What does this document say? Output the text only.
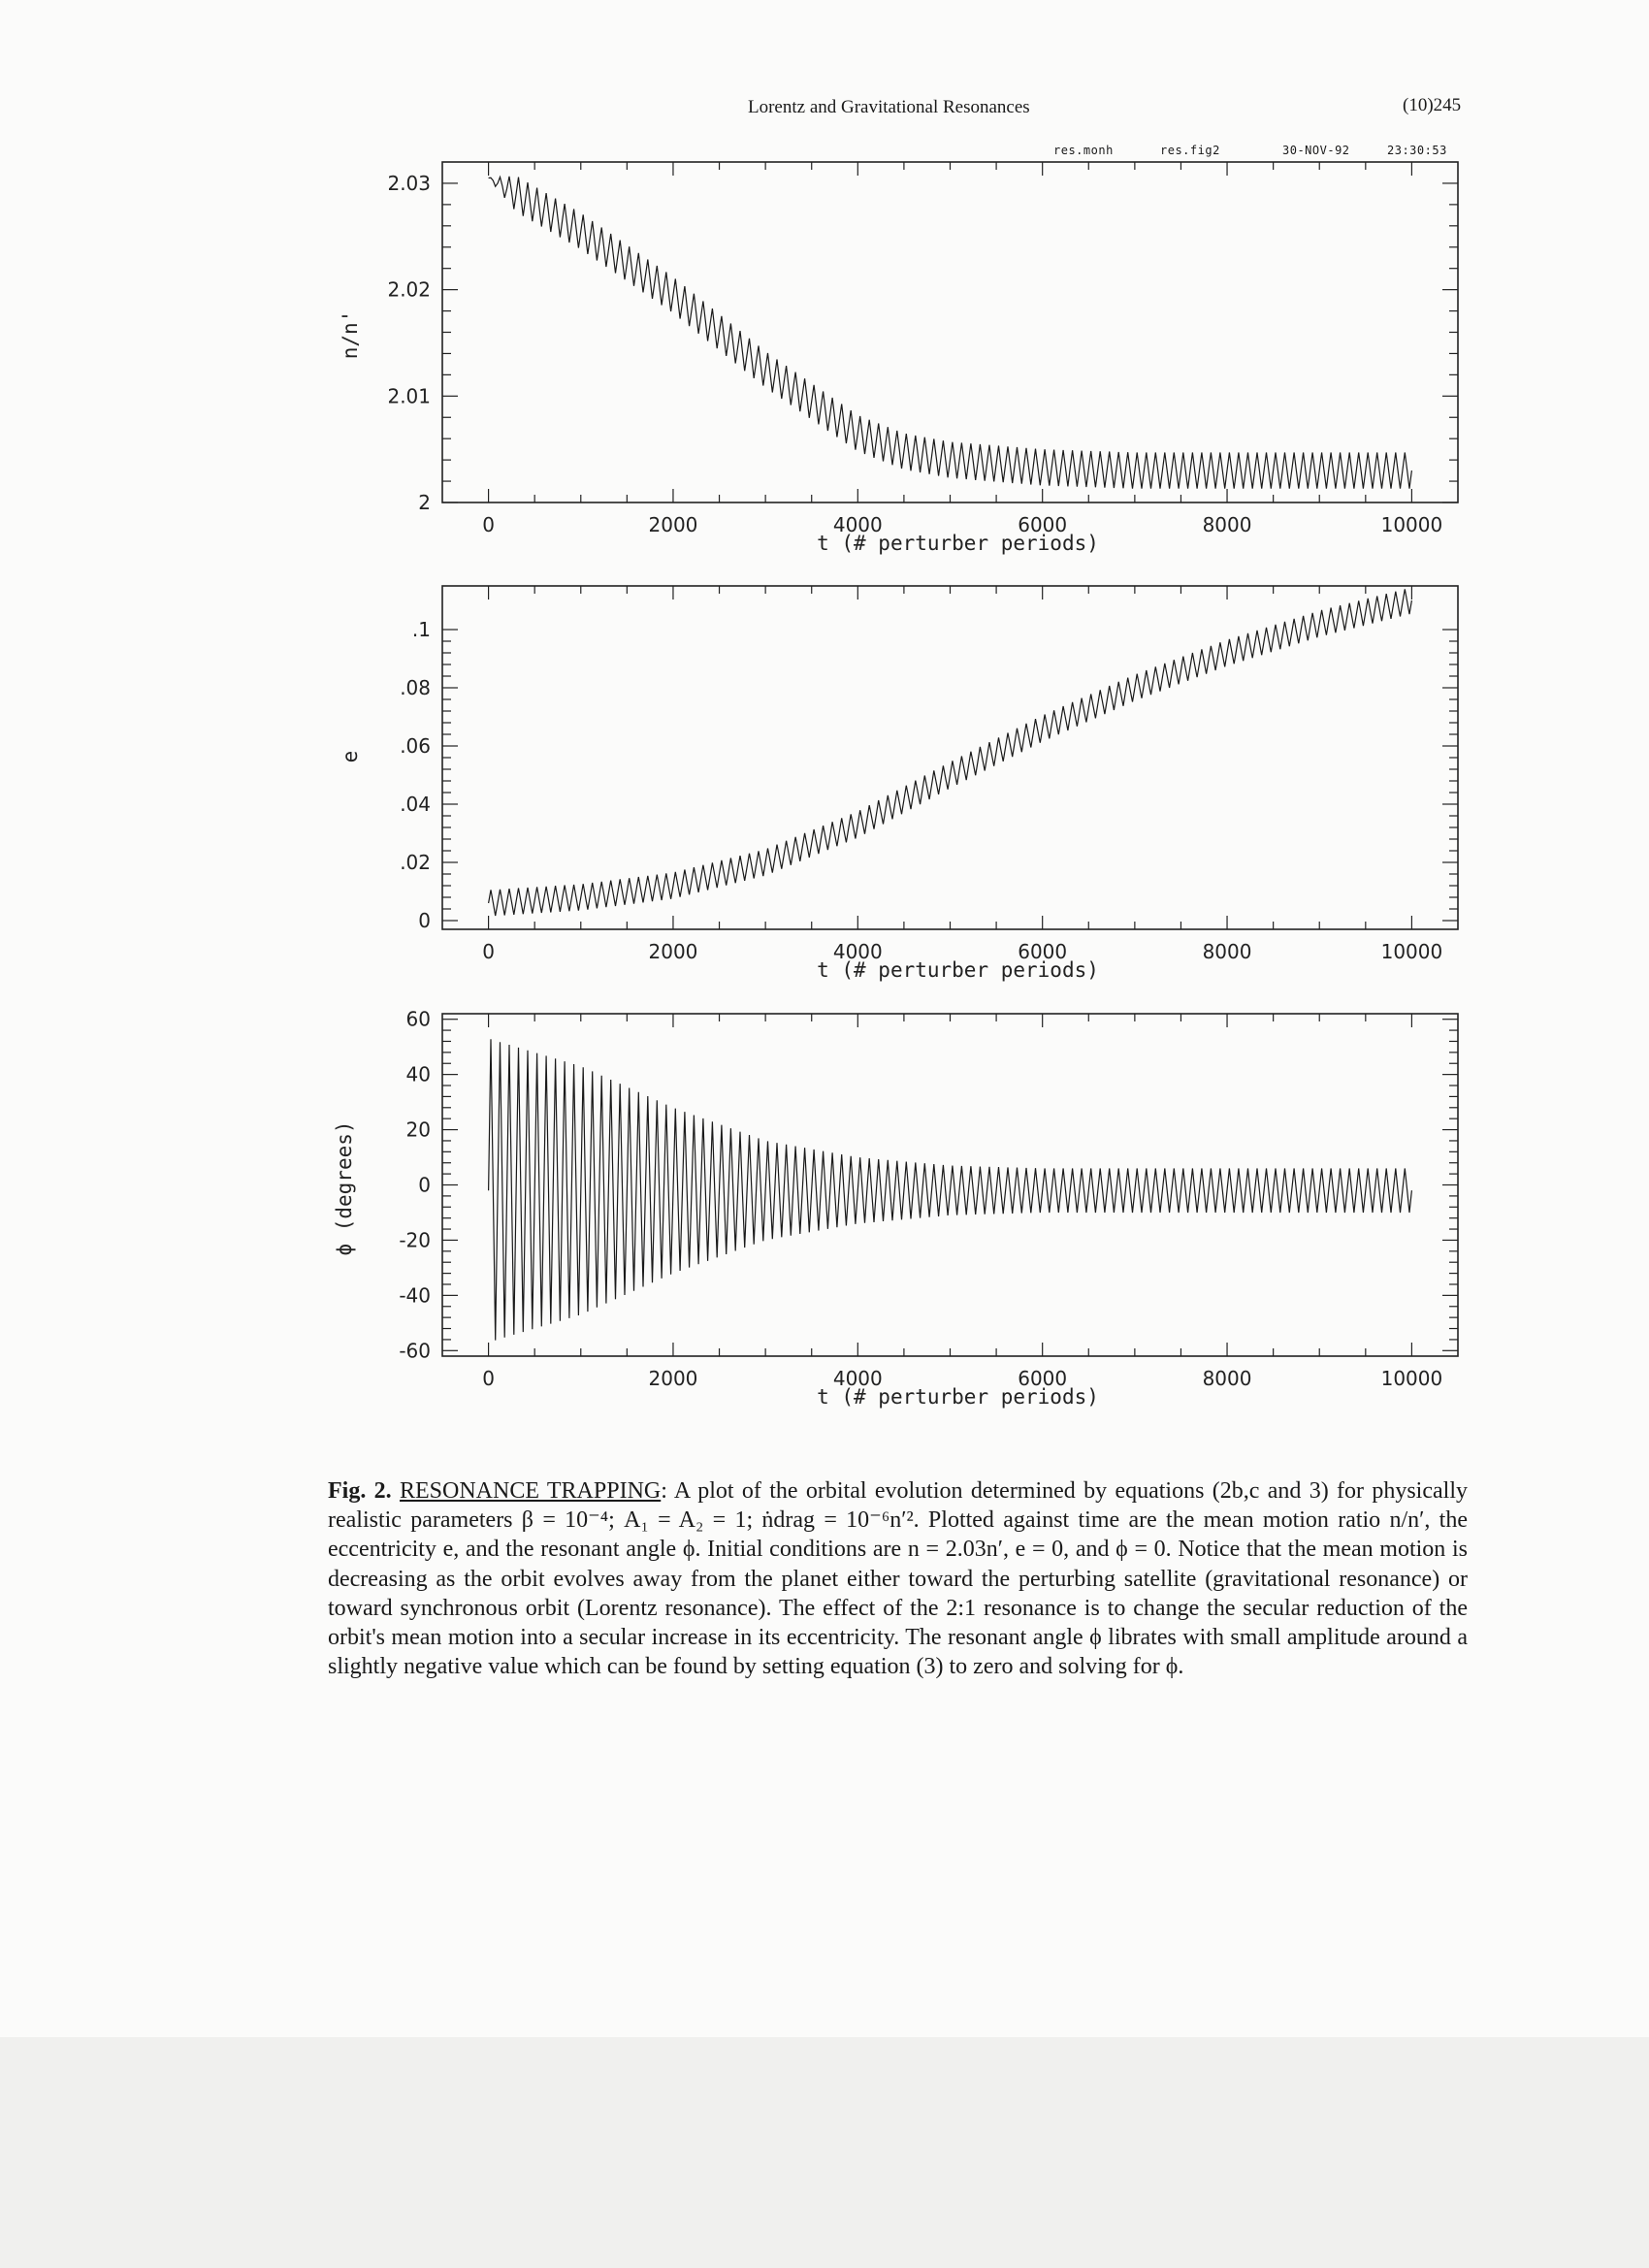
Lorentz and Gravitational Resonances	(10)245
res.monh	res.fig2	30-NOV-92	23:30:53
0	2000	4000	6000	8000	10000
t (# perturber periods)
2
2.01
2.02
2.03
n/n'
0	2000	4000	6000	8000	10000
t (# perturber periods)
0
.02
.04
.06
.08
.1
e
0	2000	4000	6000	8000	10000
t (# perturber periods)
-60
-40
-20
0
20
40
60
ϕ (degrees)
Fig. 2. RESONANCE TRAPPING: A plot of the orbital evolution determined by equations (2b,c and 3) for physically realistic parameters β = 10⁻⁴; A₁ = A₂ = 1; ṅdrag = 10⁻⁶n′². Plotted against time are the mean motion ratio n/n′, the eccentricity e, and the resonant angle ϕ. Initial conditions are n = 2.03n′, e = 0, and ϕ = 0. Notice that the mean motion is decreasing as the orbit evolves away from the planet either toward the perturbing satellite (gravitational resonance) or toward synchronous orbit (Lorentz resonance). The effect of the 2:1 resonance is to change the secular reduction of the orbit's mean motion into a secular increase in its eccentricity. The resonant angle ϕ librates with small amplitude around a slightly negative value which can be found by setting equation (3) to zero and solving for ϕ.
